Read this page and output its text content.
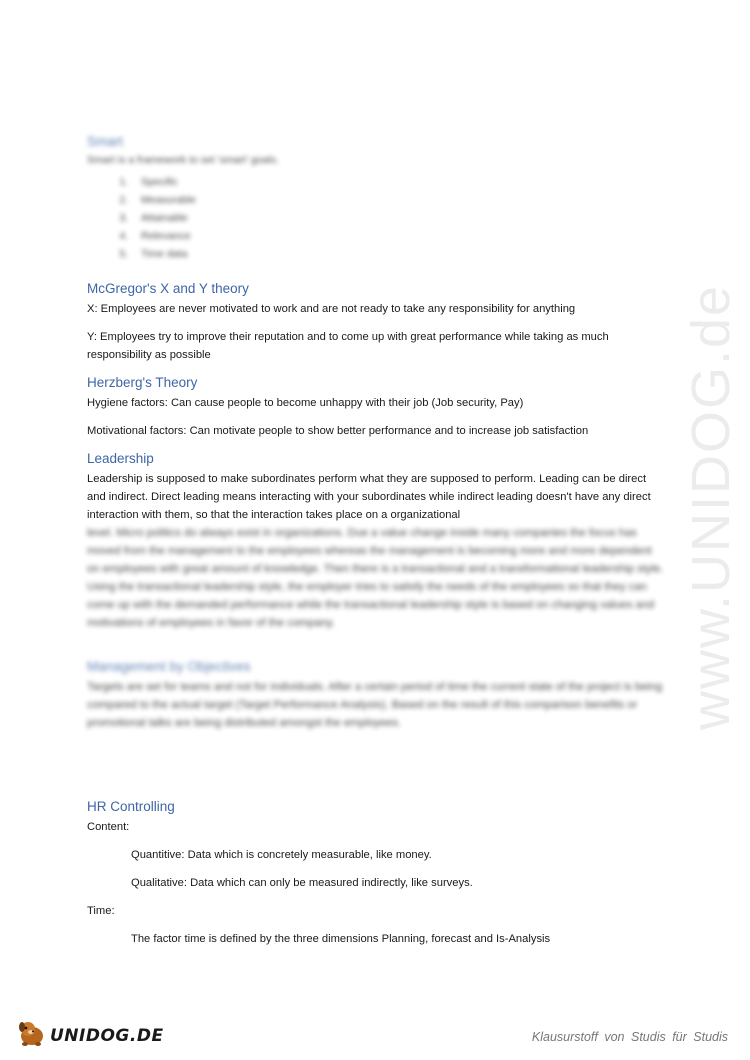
www.UNIDOG.de
Smart

Smart is a framework to set 'smart' goals.

1. Specific
2. Measurable
3. Attainable
4. Relevance
5. Time data
McGregor's X and Y theory

X: Employees are never motivated to work and are not ready to take any responsibility for anything

Y: Employees try to improve their reputation and to come up with great performance while taking as much responsibility as possible

Herzberg's Theory

Hygiene factors: Can cause people to become unhappy with their job (Job security, Pay)

Motivational factors: Can motivate people to show better performance and to increase job satisfaction

Leadership

Leadership is supposed to make subordinates perform what they are supposed to perform. Leading can be direct and indirect. Direct leading means interacting with your subordinates while indirect leading doesn't have any direct interaction with them, so that the interaction takes place on a organizational

level. Micro politics do always exist in organizations. Due a value change inside many companies the focus has moved from the management to the employees whereas the management is becoming more and more dependent on employees with great amount of knowledge. Then there is a transactional and a transformational leadership style. Using the transactional leadership style, the employer tries to satisfy the needs of the employees so that they can come up with the demanded performance while the transactional leadership style is based on changing values and motivations of employees in favor of the company.

Management by Objectives

Targets are set for teams and not for individuals. After a certain period of time the current state of the project is being compared to the actual target (Target Performance Analysis). Based on the result of this comparison benefits or promotional talks are being distributed amongst the employees.

HR Controlling

Content:

Quantitive: Data which is concretely measurable, like money.

Qualitative: Data which can only be measured indirectly, like surveys.

Time:

The factor time is defined by the three dimensions Planning, forecast and Is-Analysis

UNIDOG.DE	Klausurstoff von Studis für Studis
